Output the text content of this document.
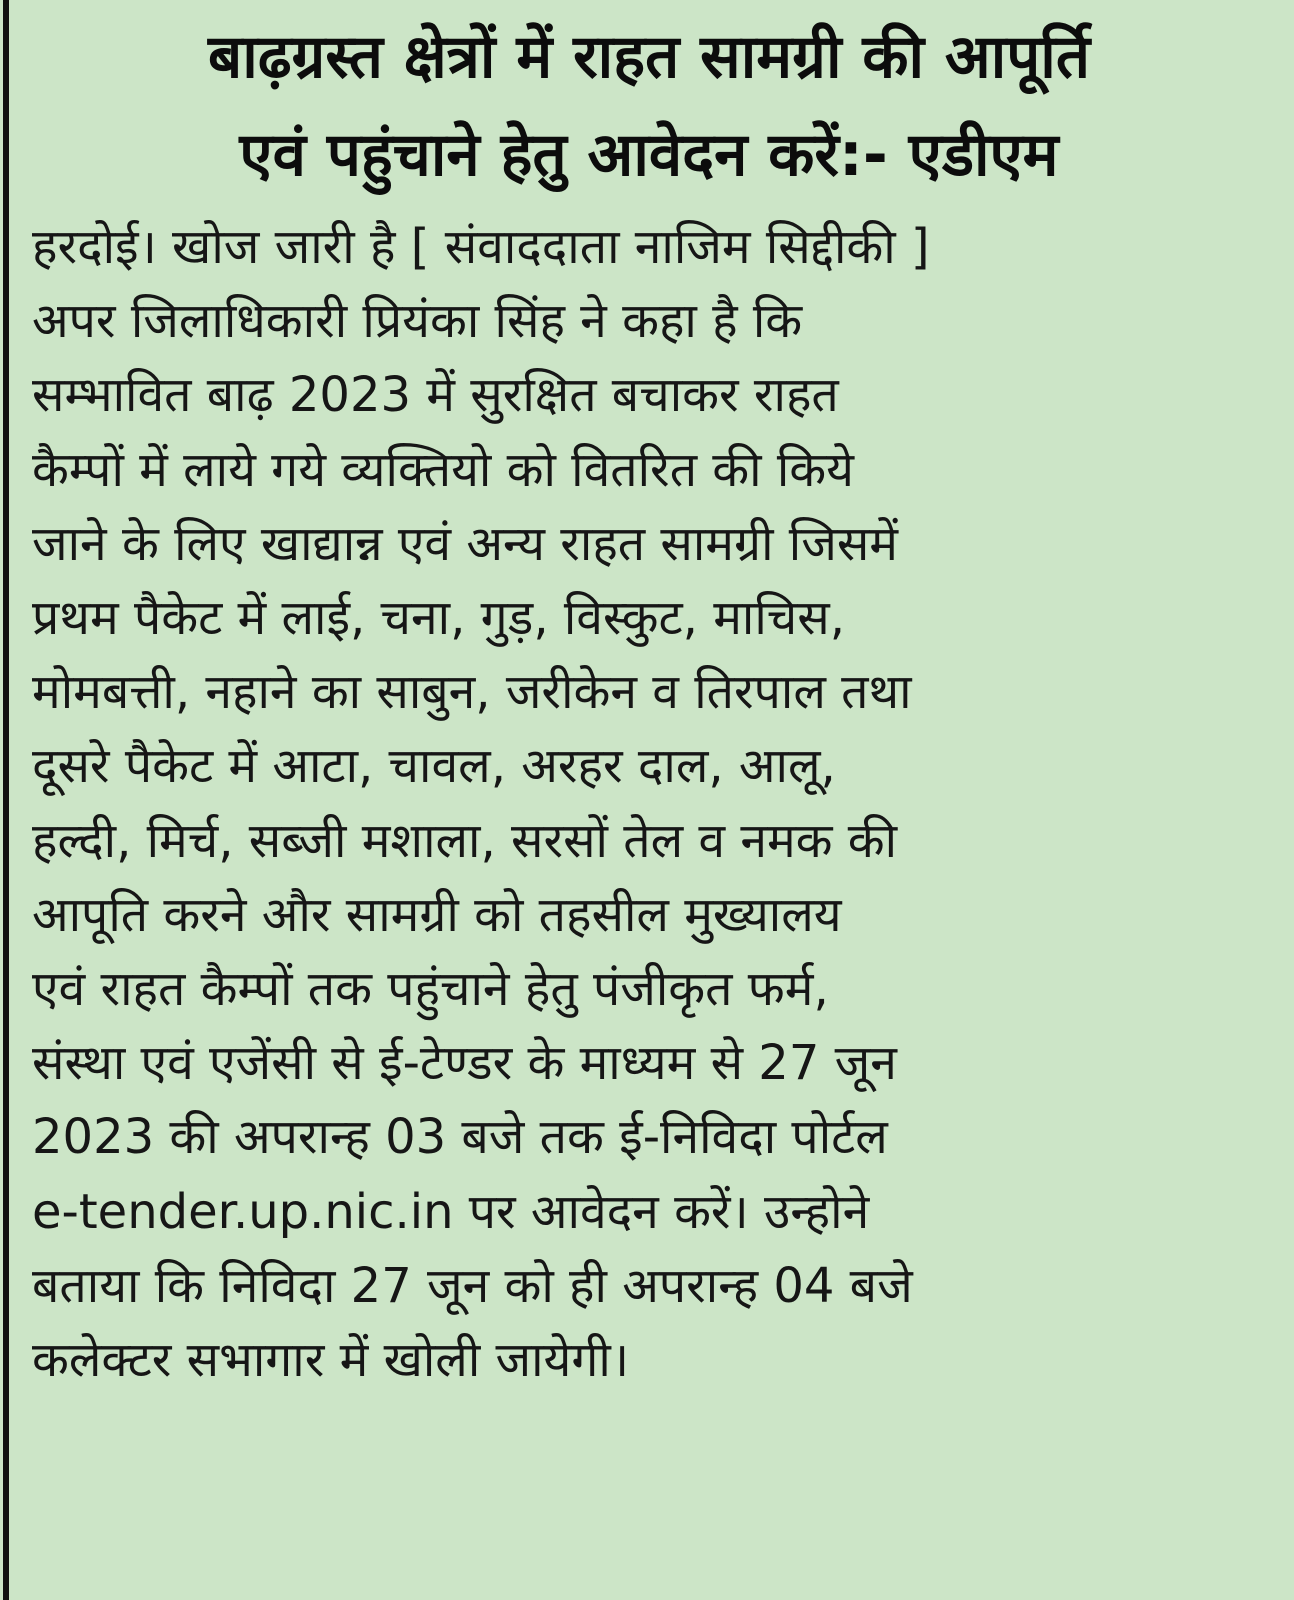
बाढ़ग्रस्त क्षेत्रों में राहत सामग्री की आपूर्ति
एवं पहुंचाने हेतु आवेदन करें:- एडीएम
हरदोई। खोज जारी है [ संवाददाता नाजिम सिद्दीकी ]
अपर जिलाधिकारी प्रियंका सिंह ने कहा है कि
सम्भावित बाढ़ 2023 में सुरक्षित बचाकर राहत
कैम्पों में लाये गये व्यक्तियो को वितरित की किये
जाने के लिए खाद्यान्न एवं अन्य राहत सामग्री जिसमें
प्रथम पैकेट में लाई, चना, गुड़, विस्कुट, माचिस,
मोमबत्ती, नहाने का साबुन, जरीकेन व तिरपाल तथा
दूसरे पैकेट में आटा, चावल, अरहर दाल, आलू,
हल्दी, मिर्च, सब्जी मशाला, सरसों तेल व नमक की
आपूति करने और सामग्री को तहसील मुख्यालय
एवं राहत कैम्पों तक पहुंचाने हेतु पंजीकृत फर्म,
संस्था एवं एजेंसी से ई-टेण्डर के माध्यम से 27 जून
2023 की अपरान्ह 03 बजे तक ई-निविदा पोर्टल
e-tender.up.nic.in पर आवेदन करें। उन्होने
बताया कि निविदा 27 जून को ही अपरान्ह 04 बजे
कलेक्टर सभागार में खोली जायेगी।
